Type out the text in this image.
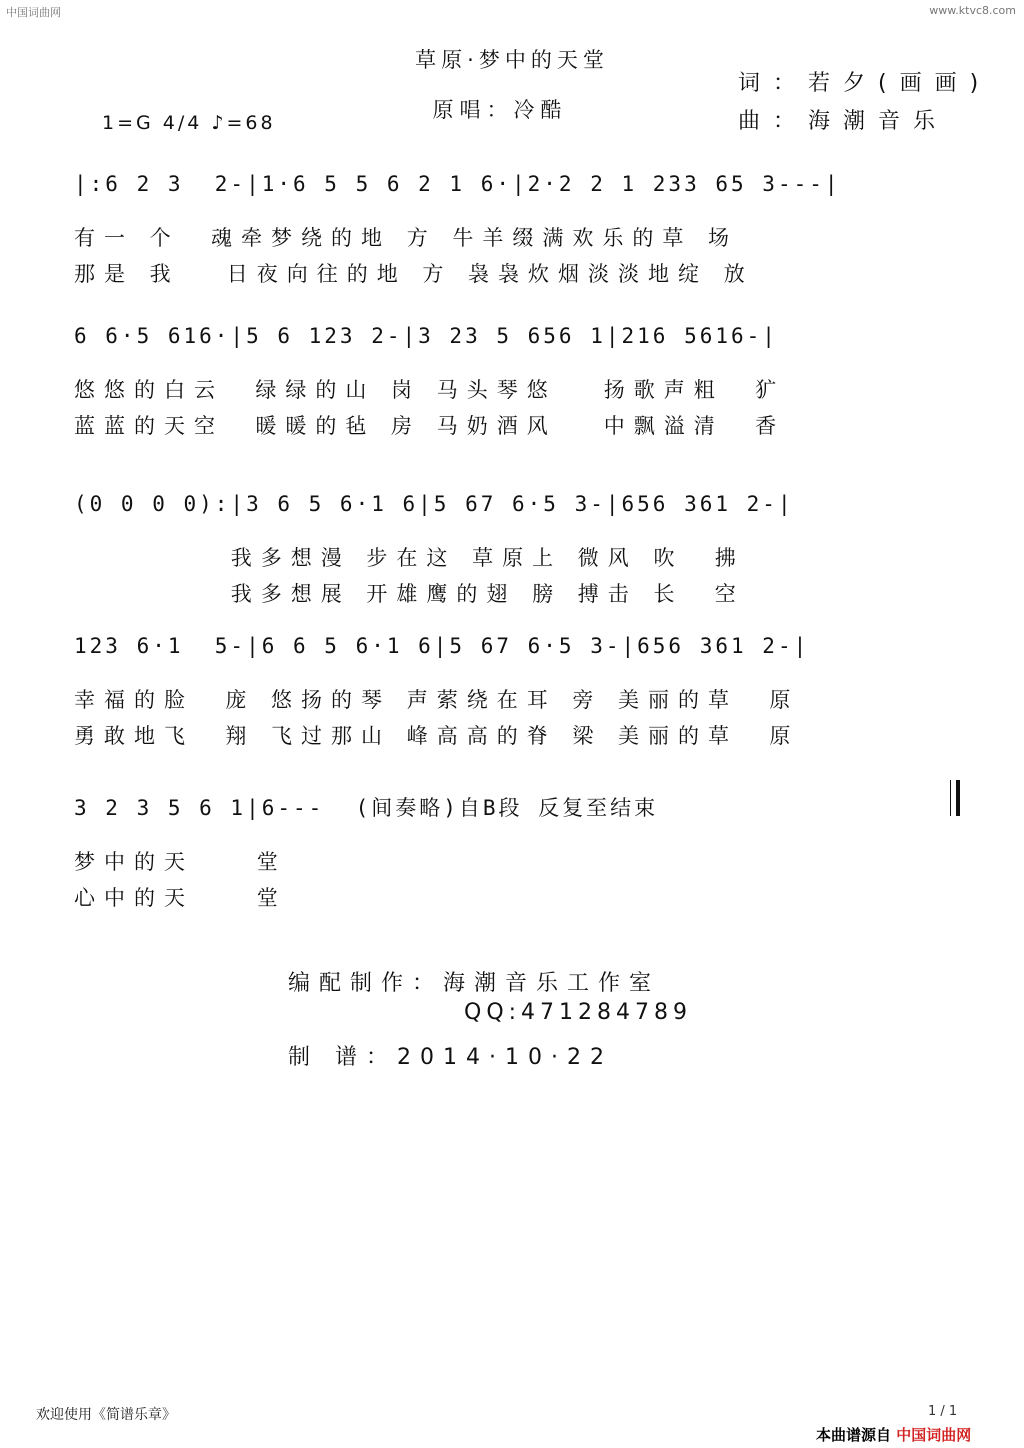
中国词曲网	www.ktvc8.com
草原·梦中的天堂
原唱：冷酷
词：若夕(画画)
曲：海潮音乐
1=G 4/4 ♪=68
|:6 2 3  2-|1·6 5 5 6 2 1 6·|2·2 2 1 233 65 3---|
有一 个  魂牵梦绕的地 方 牛羊缀满欢乐的草 场
那是 我   日夜向往的地 方 袅袅炊烟淡淡地绽 放
6 6·5 616·|5 6 123 2-|3 23 5 656 1|216 5616-|
悠悠的白云  绿绿的山 岗 马头琴悠   扬歌声粗  犷
蓝蓝的天空  暖暖的毡 房 马奶酒风   中飘溢清  香
(0 0 0 0):|3 6 5 6·1 6|5 67 6·5 3-|656 361 2-|
我多想漫 步在这 草原上 微风 吹  拂
我多想展 开雄鹰的翅 膀 搏击 长  空
123 6·1  5-|6 6 5 6·1 6|5 67 6·5 3-|656 361 2-|
幸福的脸  庞 悠扬的琴 声萦绕在耳 旁 美丽的草  原
勇敢地飞  翔 飞过那山 峰高高的脊 梁 美丽的草  原
3 2 3 5 6 1|6---  (间奏略)自B段 反复至结束
梦中的天    堂
心中的天    堂
编配制作：海潮音乐工作室
QQ:471284789
制 谱：2014·10·22
欢迎使用《简谱乐章》	1 / 1
本曲谱源自 中国词曲网
